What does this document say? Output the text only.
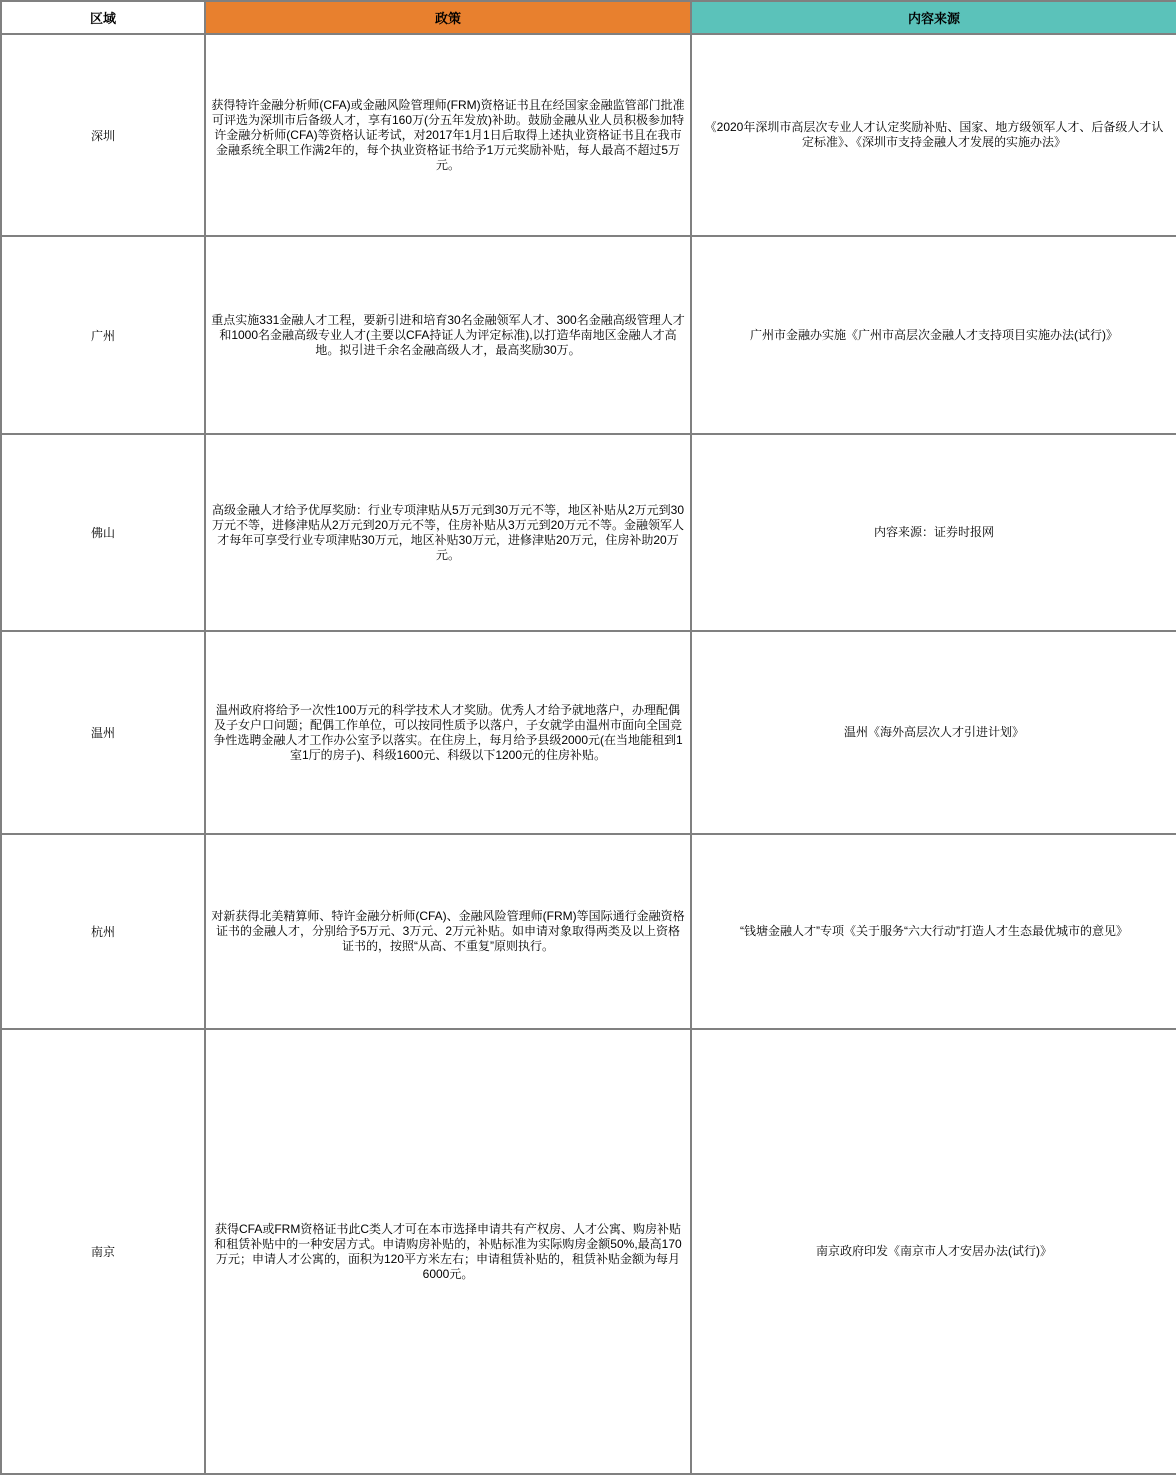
区域	政策	内容来源
深圳	获得特许金融分析师(CFA)或金融风险管理师(FRM)资格证书且在经国家金融监管部门批准可评选为深圳市后备级人才，享有160万(分五年发放)补助。鼓励金融从业人员积极参加特许金融分析师(CFA)等资格认证考试，对2017年1月1日后取得上述执业资格证书且在我市金融系统全职工作满2年的，每个执业资格证书给予1万元奖励补贴，每人最高不超过5万元。	《2020年深圳市高层次专业人才认定奖励补贴、国家、地方级领军人才、后备级人才认定标准》、《深圳市支持金融人才发展的实施办法》
广州	重点实施331金融人才工程，要新引进和培育30名金融领军人才、300名金融高级管理人才和1000名金融高级专业人才(主要以CFA持证人为评定标准),以打造华南地区金融人才高地。拟引进千余名金融高级人才，最高奖励30万。	广州市金融办实施《广州市高层次金融人才支持项目实施办法(试行)》
佛山	高级金融人才给予优厚奖励：行业专项津贴从5万元到30万元不等，地区补贴从2万元到30万元不等，进修津贴从2万元到20万元不等，住房补贴从3万元到20万元不等。金融领军人才每年可享受行业专项津贴30万元，地区补贴30万元，进修津贴20万元，住房补助20万元。	内容来源：证券时报网
温州	温州政府将给予一次性100万元的科学技术人才奖励。优秀人才给予就地落户，办理配偶及子女户口问题；配偶工作单位，可以按同性质予以落户，子女就学由温州市面向全国竞争性选聘金融人才工作办公室予以落实。在住房上，每月给予县级2000元(在当地能租到1室1厅的房子)、科级1600元、科级以下1200元的住房补贴。	温州《海外高层次人才引进计划》
杭州	对新获得北美精算师、特许金融分析师(CFA)、金融风险管理师(FRM)等国际通行金融资格证书的金融人才，分别给予5万元、3万元、2万元补贴。如申请对象取得两类及以上资格证书的，按照“从高、不重复”原则执行。	“钱塘金融人才”专项《关于服务“六大行动”打造人才生态最优城市的意见》
南京	获得CFA或FRM资格证书此C类人才可在本市选择申请共有产权房、人才公寓、购房补贴和租赁补贴中的一种安居方式。申请购房补贴的，补贴标准为实际购房金额50%,最高170万元；申请人才公寓的，面积为120平方米左右；申请租赁补贴的，租赁补贴金额为每月6000元。	南京政府印发《南京市人才安居办法(试行)》
